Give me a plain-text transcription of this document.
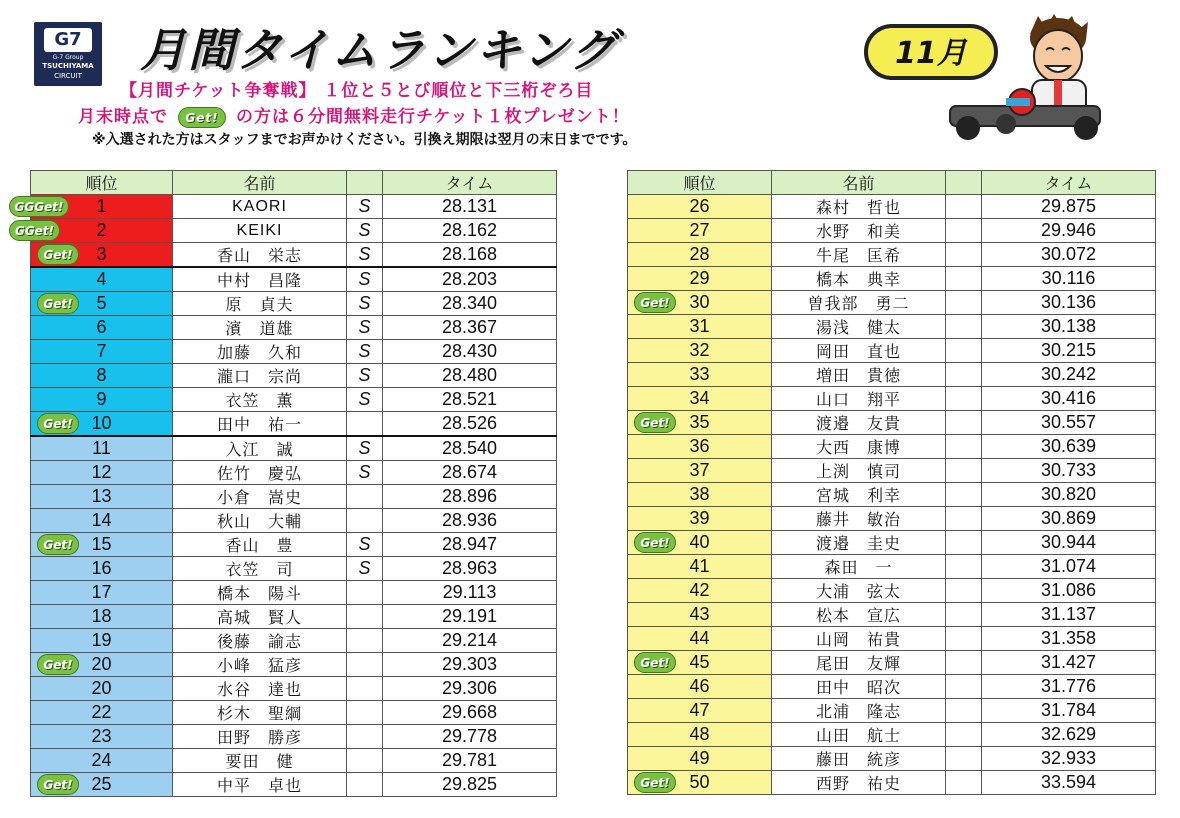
G7
G-7 Group
TSUCHIYAMA
CIRCUIT	月間タイムランキング	11月
【月間チケット争奪戦】 １位と５とび順位と下三桁ぞろ目
月末時点で Get! の方は６分間無料走行チケット１枚プレゼント！
※入選された方はスタッフまでお声かけください。引換え期限は翌月の末日までです。
順位	名前		タイム

GGGet! 1	KAORI	S	28.131

GGet! 2	KEIKI	S	28.162

Get! 3	香山　栄志	S	28.168
4	中村　昌隆	S	28.203

Get! 5	原　貞夫	S	28.340
6	濱　道雄	S	28.367
7	加藤　久和	S	28.430
8	瀧口　宗尚	S	28.480
9	衣笠　薫	S	28.521

Get! 10	田中　祐一		28.526
11	入江　誠	S	28.540
12	佐竹　慶弘	S	28.674
13	小倉　嵩史		28.896
14	秋山　大輔		28.936

Get! 15	香山　豊	S	28.947
16	衣笠　司	S	28.963
17	橋本　陽斗		29.113
18	高城　賢人		29.191
19	後藤　諭志		29.214

Get! 20	小峰　猛彦		29.303
20	水谷　達也		29.306
22	杉木　聖綱		29.668
23	田野　勝彦		29.778
24	要田　健		29.781

Get! 25	中平　卓也		29.825
順位	名前		タイム
26	森村　哲也		29.875
27	水野　和美		29.946
28	牛尾　匡希		30.072
29	橋本　典幸		30.116

Get! 30	曽我部　勇二		30.136
31	湯浅　健太		30.138
32	岡田　直也		30.215
33	増田　貴徳		30.242
34	山口　翔平		30.416

Get! 35	渡邉　友貴		30.557
36	大西　康博		30.639
37	上渕　慎司		30.733
38	宮城　利幸		30.820
39	藤井　敏治		30.869

Get! 40	渡邉　圭史		30.944
41	森田　一		31.074
42	大浦　弦太		31.086
43	松本　宣広		31.137
44	山岡　祐貴		31.358

Get! 45	尾田　友輝		31.427
46	田中　昭次		31.776
47	北浦　隆志		31.784
48	山田　航士		32.629
49	藤田　統彦		32.933

Get! 50	西野　祐史		33.594
